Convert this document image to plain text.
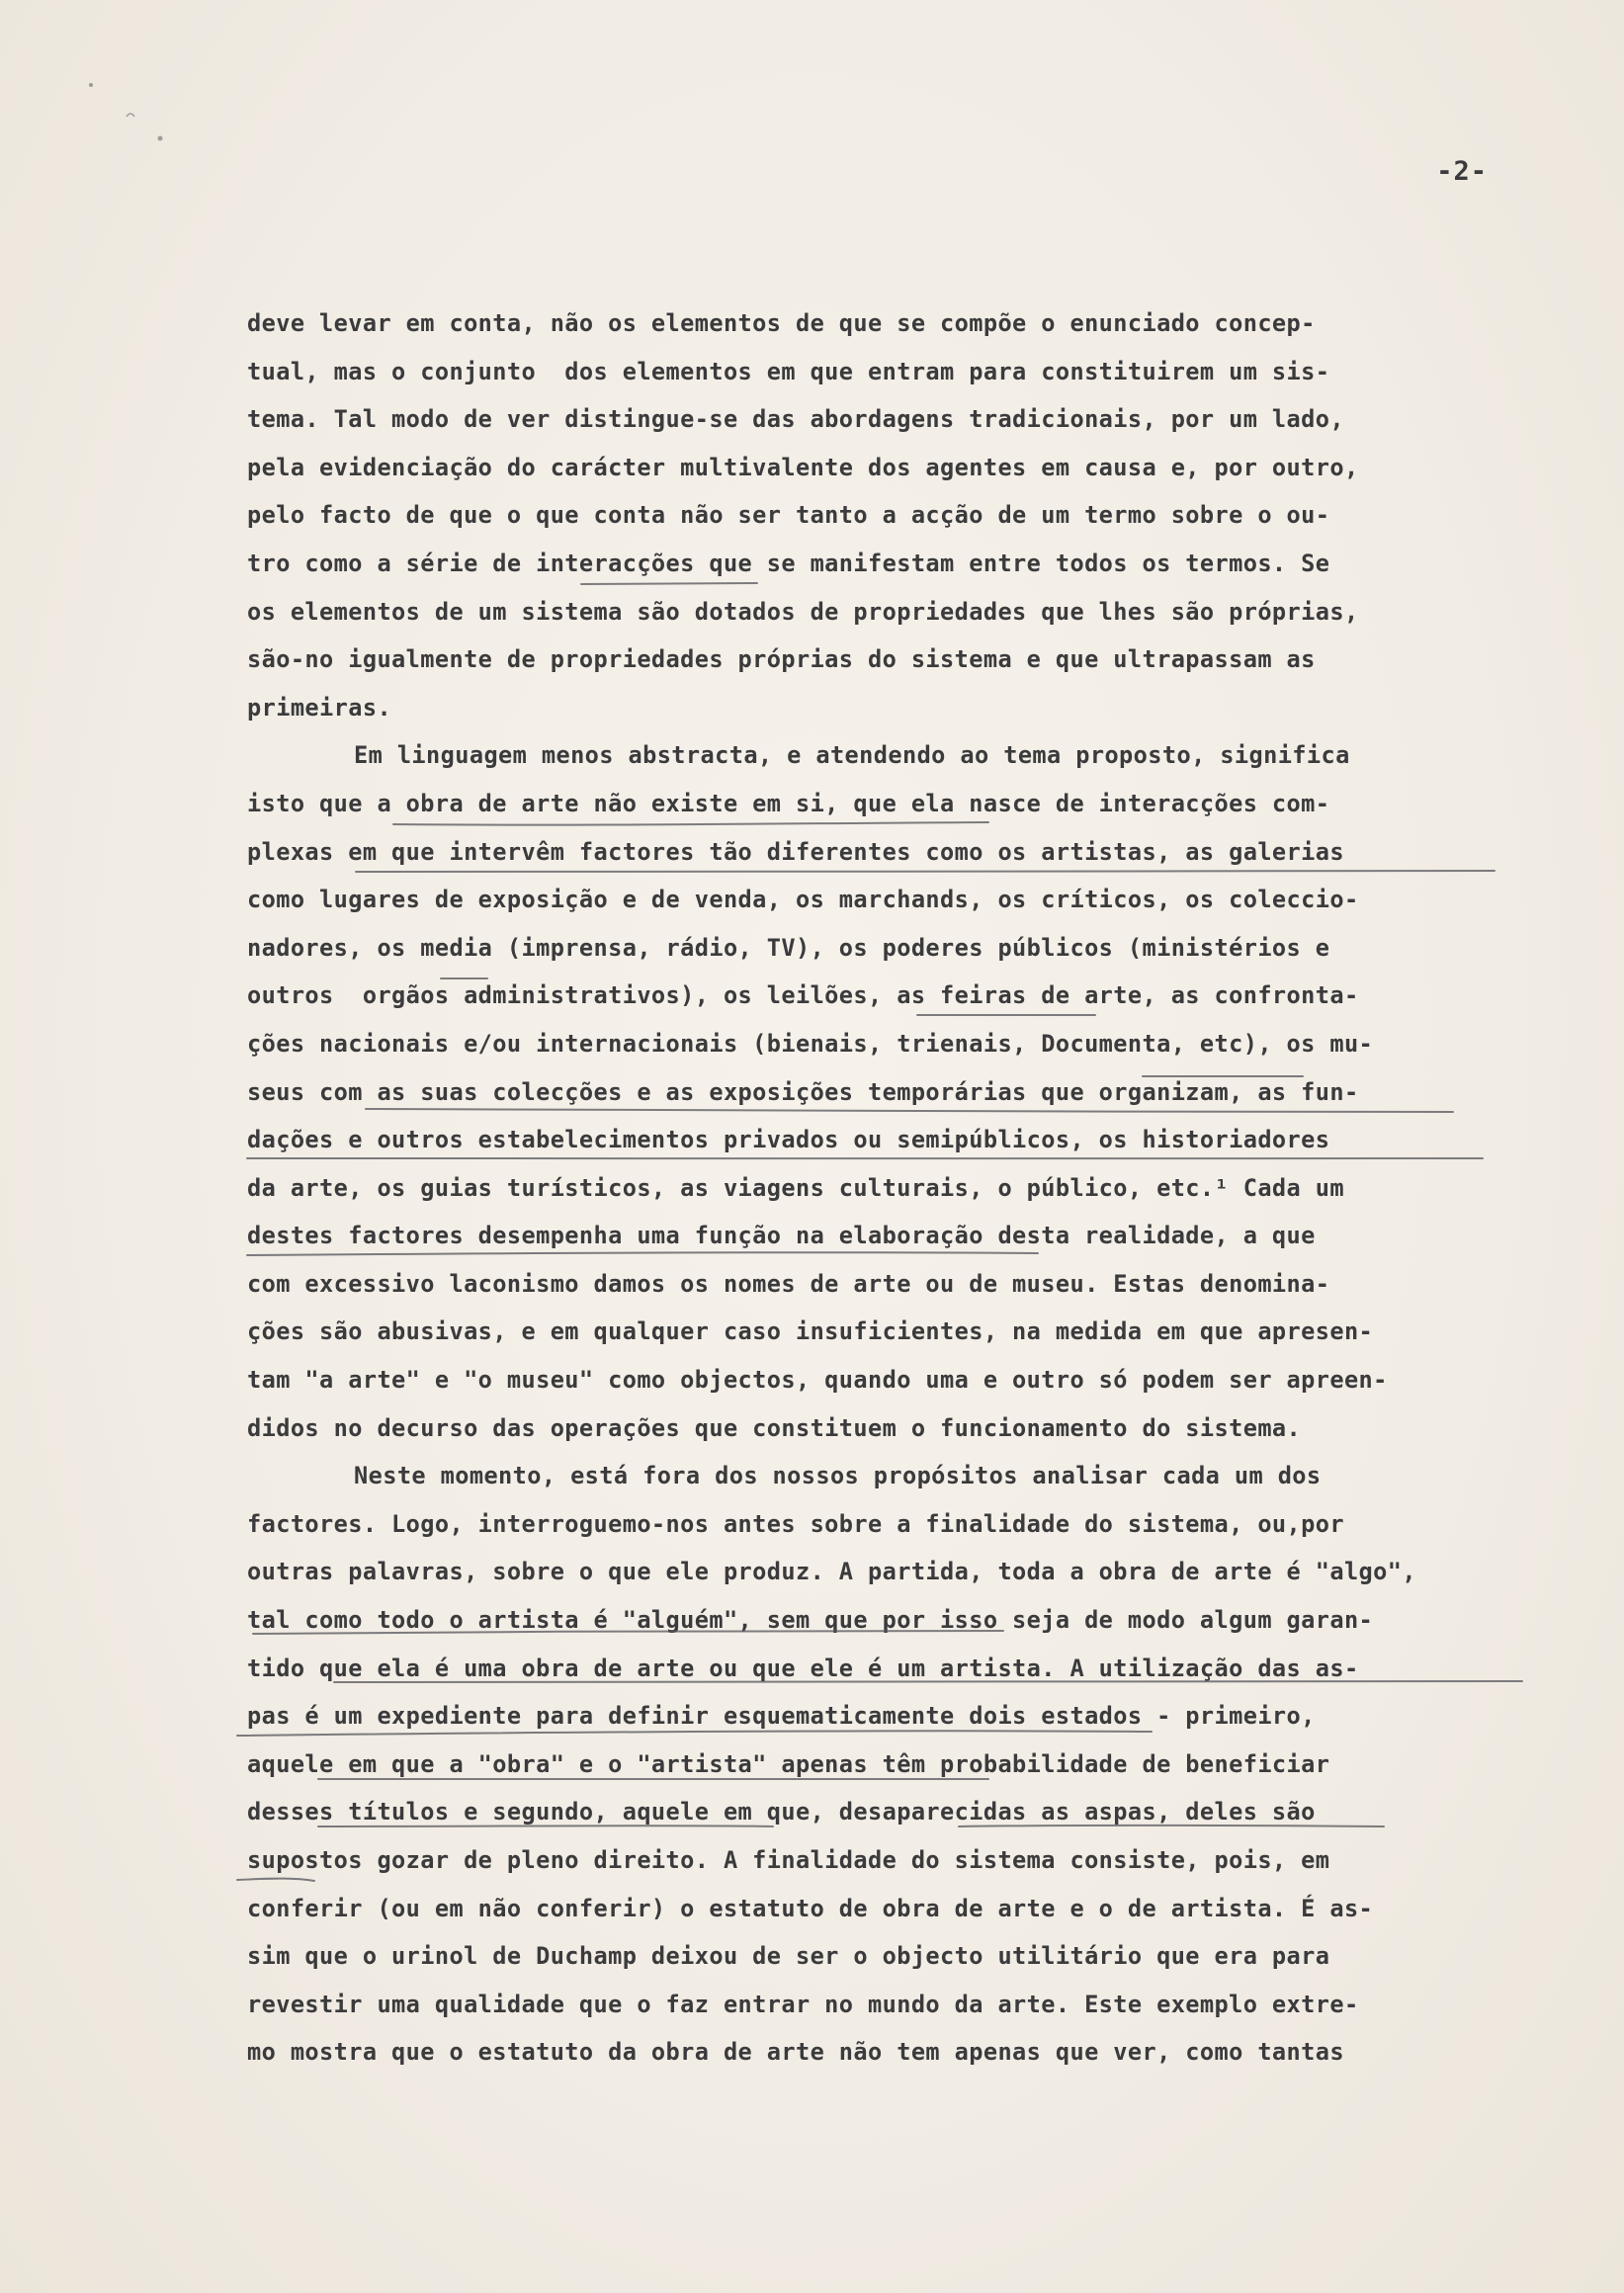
-2-
deve levar em conta, não os elementos de que se compõe o enunciado concep-
tual, mas o conjunto  dos elementos em que entram para constituirem um sis-
tema. Tal modo de ver distingue-se das abordagens tradicionais, por um lado,
pela evidenciação do carácter multivalente dos agentes em causa e, por outro,
pelo facto de que o que conta não ser tanto a acção de um termo sobre o ou-
tro como a série de interacções que se manifestam entre todos os termos. Se
os elementos de um sistema são dotados de propriedades que lhes são próprias,
são-no igualmente de propriedades próprias do sistema e que ultrapassam as
primeiras.
Em linguagem menos abstracta, e atendendo ao tema proposto, significa
isto que a obra de arte não existe em si, que ela nasce de interacções com-
plexas em que intervêm factores tão diferentes como os artistas, as galerias
como lugares de exposição e de venda, os marchands, os críticos, os coleccio-
nadores, os media (imprensa, rádio, TV), os poderes públicos (ministérios e
outros  orgãos administrativos), os leilões, as feiras de arte, as confronta-
ções nacionais e/ou internacionais (bienais, trienais, Documenta, etc), os mu-
seus com as suas colecções e as exposições temporárias que organizam, as fun-
dações e outros estabelecimentos privados ou semipúblicos, os historiadores
da arte, os guias turísticos, as viagens culturais, o público, etc.¹ Cada um
destes factores desempenha uma função na elaboração desta realidade, a que
com excessivo laconismo damos os nomes de arte ou de museu. Estas denomina-
ções são abusivas, e em qualquer caso insuficientes, na medida em que apresen-
tam "a arte" e "o museu" como objectos, quando uma e outro só podem ser apreen-
didos no decurso das operações que constituem o funcionamento do sistema.
Neste momento, está fora dos nossos propósitos analisar cada um dos
factores. Logo, interroguemo-nos antes sobre a finalidade do sistema, ou,por
outras palavras, sobre o que ele produz. A partida, toda a obra de arte é "algo",
tal como todo o artista é "alguém", sem que por isso seja de modo algum garan-
tido que ela é uma obra de arte ou que ele é um artista. A utilização das as-
pas é um expediente para definir esquematicamente dois estados - primeiro,
aquele em que a "obra" e o "artista" apenas têm probabilidade de beneficiar
desses títulos e segundo, aquele em que, desaparecidas as aspas, deles são
supostos gozar de pleno direito. A finalidade do sistema consiste, pois, em
conferir (ou em não conferir) o estatuto de obra de arte e o de artista. É as-
sim que o urinol de Duchamp deixou de ser o objecto utilitário que era para
revestir uma qualidade que o faz entrar no mundo da arte. Este exemplo extre-
mo mostra que o estatuto da obra de arte não tem apenas que ver, como tantas
